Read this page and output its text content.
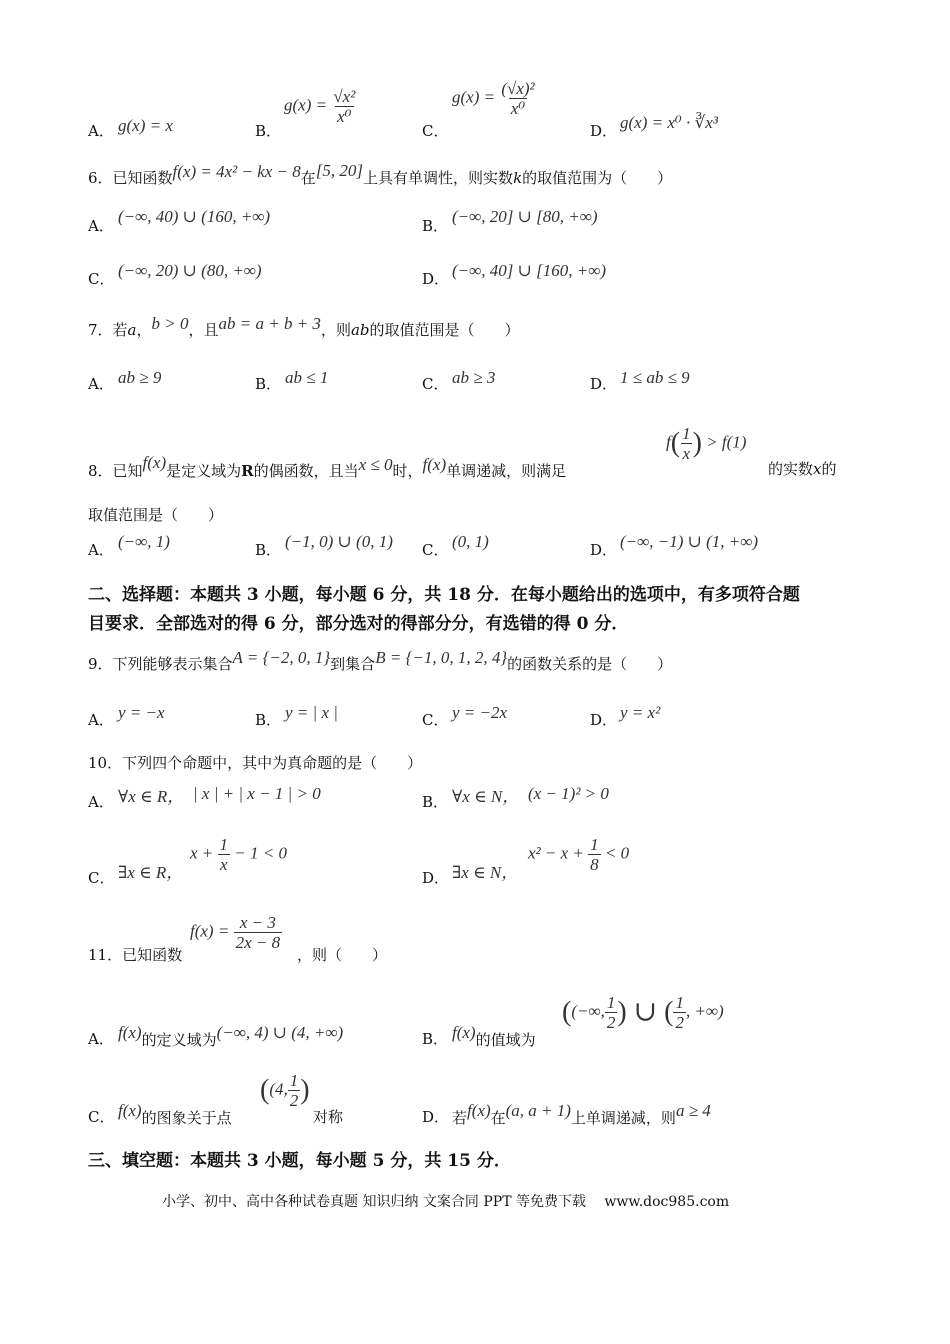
A． g(x) = x	B．
$g(x) = \frac{\text{√x²}}{\text{x⁰}}$
C．
$g(x) = \frac{\text{(√x)²}}{\text{x⁰}}$
D． g(x) = x⁰ · ∛x³
6．已知函数f(x) = 4x² − kx − 8在[5, 20]上具有单调性，则实数k的取值范围为（　　）
A． (−∞, 40) ∪ (160, +∞)	B． (−∞, 20] ∪ [80, +∞)
C． (−∞, 20) ∪ (80, +∞)	D． (−∞, 40] ∪ [160, +∞)
7．若a，b > 0，且ab = a + b + 3，则ab的取值范围是（　　）
A． ab ≥ 9	B． ab ≤ 1	C． ab ≥ 3	D． 1 ≤ ab ≤ 9
8．已知f(x)是定义域为R的偶函数，且当x ≤ 0时，f(x)单调递减，则满足
$f( \frac{1}{x}$ ) > f(1)
的实数x的
取值范围是（　　）
A． (−∞, 1)	B． (−1, 0) ∪ (0, 1) C． (0, 1)	D． (−∞, −1) ∪ (1, +∞)
二、选择题：本题共 3 小题，每小题 6 分，共 18 分．在每小题给出的选项中，有多项符合题
目要求．全部选对的得 6 分，部分选对的得部分分，有选错的得 0 分．
9．下列能够表示集合A = {−2, 0, 1}到集合B = {−1, 0, 1, 2, 4}的函数关系的是（　　）
A． y = −x	B． y = | x |	C． y = −2x	D． y = x²
10．下列四个命题中，其中为真命题的是（　　）
A． ∀x ∈ R， | x | + | x − 1 | > 0	B． ∀x ∈ N， (x − 1)² > 0
C． ∃x ∈ R，
$x + \frac{1}{x} - 1 < 0$
D． ∃x ∈ N，
$x^2 - x + \frac{1}{8} < 0$
11．已知函数
$f(x) = \frac{x - 3}{2x - 8}$
，则（　　）
A． f(x)的定义域为(−∞, 4) ∪ (4, +∞)	B． f(x)的值域为
((−∞, $\frac{1}{2}$ ) ∪ ( $\frac{1}{2}$ , +∞)
C． f(x)的图象关于点
((4, $\frac{1}{2}$ )
对称	D． 若f(x)在(a, a + 1)上单调递减，则a ≥ 4
三、填空题：本题共 3 小题，每小题 5 分，共 15 分．
小学、初中、高中各种试卷真题 知识归纳 文案合同 PPT 等免费下载　 www.doc985.com
